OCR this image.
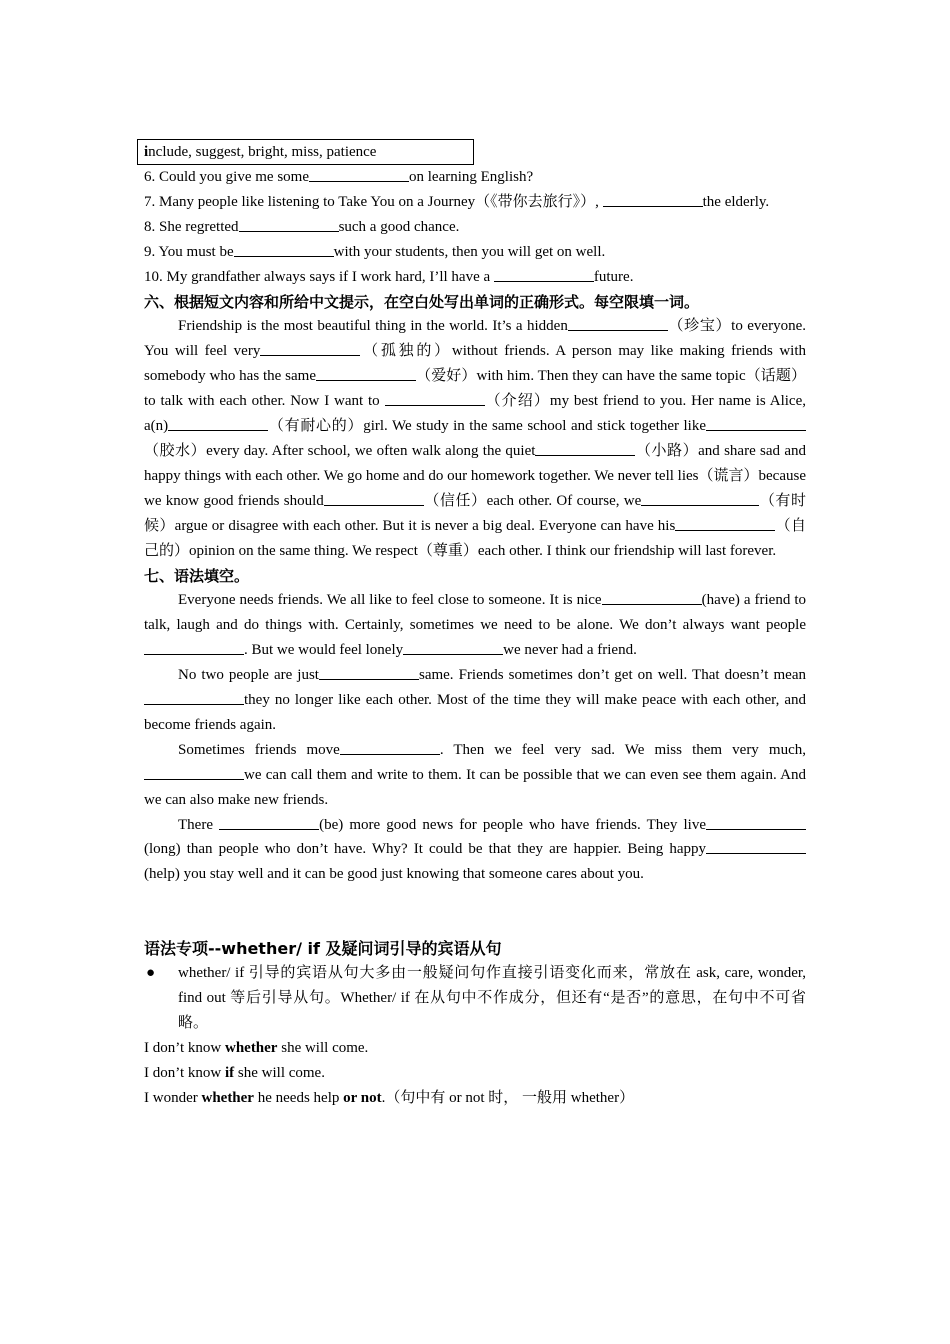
include, suggest, bright, miss, patience
6. Could you give me some	on learning English?
7. Many people like listening to Take You on a Journey（《带你去旅行》）,	the elderly.
8. She regretted	such a good chance.
9. You must be	with your students, then you will get on well.
10. My grandfather always says if I work hard, I’ll have a	future.
六、根据短文内容和所给中文提示，在空白处写出单词的正确形式。每空限填一词。
Friendship is the most beautiful thing in the world. It’s a hidden	（珍宝）to everyone. You will feel very	（孤独的）without friends. A person may like making friends with somebody who has the same	（爱好）with him. Then they can have the same topic（话题）to talk with each other. Now I want to	（介绍）my best friend to you. Her name is Alice, a(n)	（有耐心的）girl. We study in the same school and stick together like（胶水）every day. After school, we often walk along the quiet	（小路）and share sad and happy things with each other. We go home and do our homework together. We never tell lies（谎言）because we know good friends should	（信任）each other. Of course, we	（有时候）argue or disagree with each other. But it is never a big deal. Everyone can have his	（自己的）opinion on the same thing. We respect（尊重）each other. I think our friendship will last forever.
七、语法填空。
Everyone needs friends. We all like to feel close to someone. It is nice	(have) a friend to talk, laugh and do things with. Certainly, sometimes we need to be alone. We don’t always want people. But we would feel lonely	we never had a friend.
No two people are just	same. Friends sometimes don’t get on well. That doesn’t meanthey no longer like each other. Most of the time they will make peace with each other, and become friends again.
Sometimes friends move	. Then we feel very sad. We miss them very much, we can call them and write to them. It can be possible that we can even see them again. And we can also make new friends.
There	(be) more good news for people who have friends. They live(long) than people who don’t have. Why? It could be that they are happier. Being happy(help) you stay well and it can be good just knowing that someone cares about you.
语法专项--whether/ if 及疑问词引导的宾语从句
● whether/ if 引导的宾语从句大多由一般疑问句作直接引语变化而来，常放在 ask, care, wonder, find out 等后引导从句。Whether/ if 在从句中不作成分，但还有“是否”的意思，在句中不可省略。
I don’t know whether she will come.
I don’t know if she will come.
I wonder whether he needs help or not.（句中有 or not 时， 一般用 whether）
